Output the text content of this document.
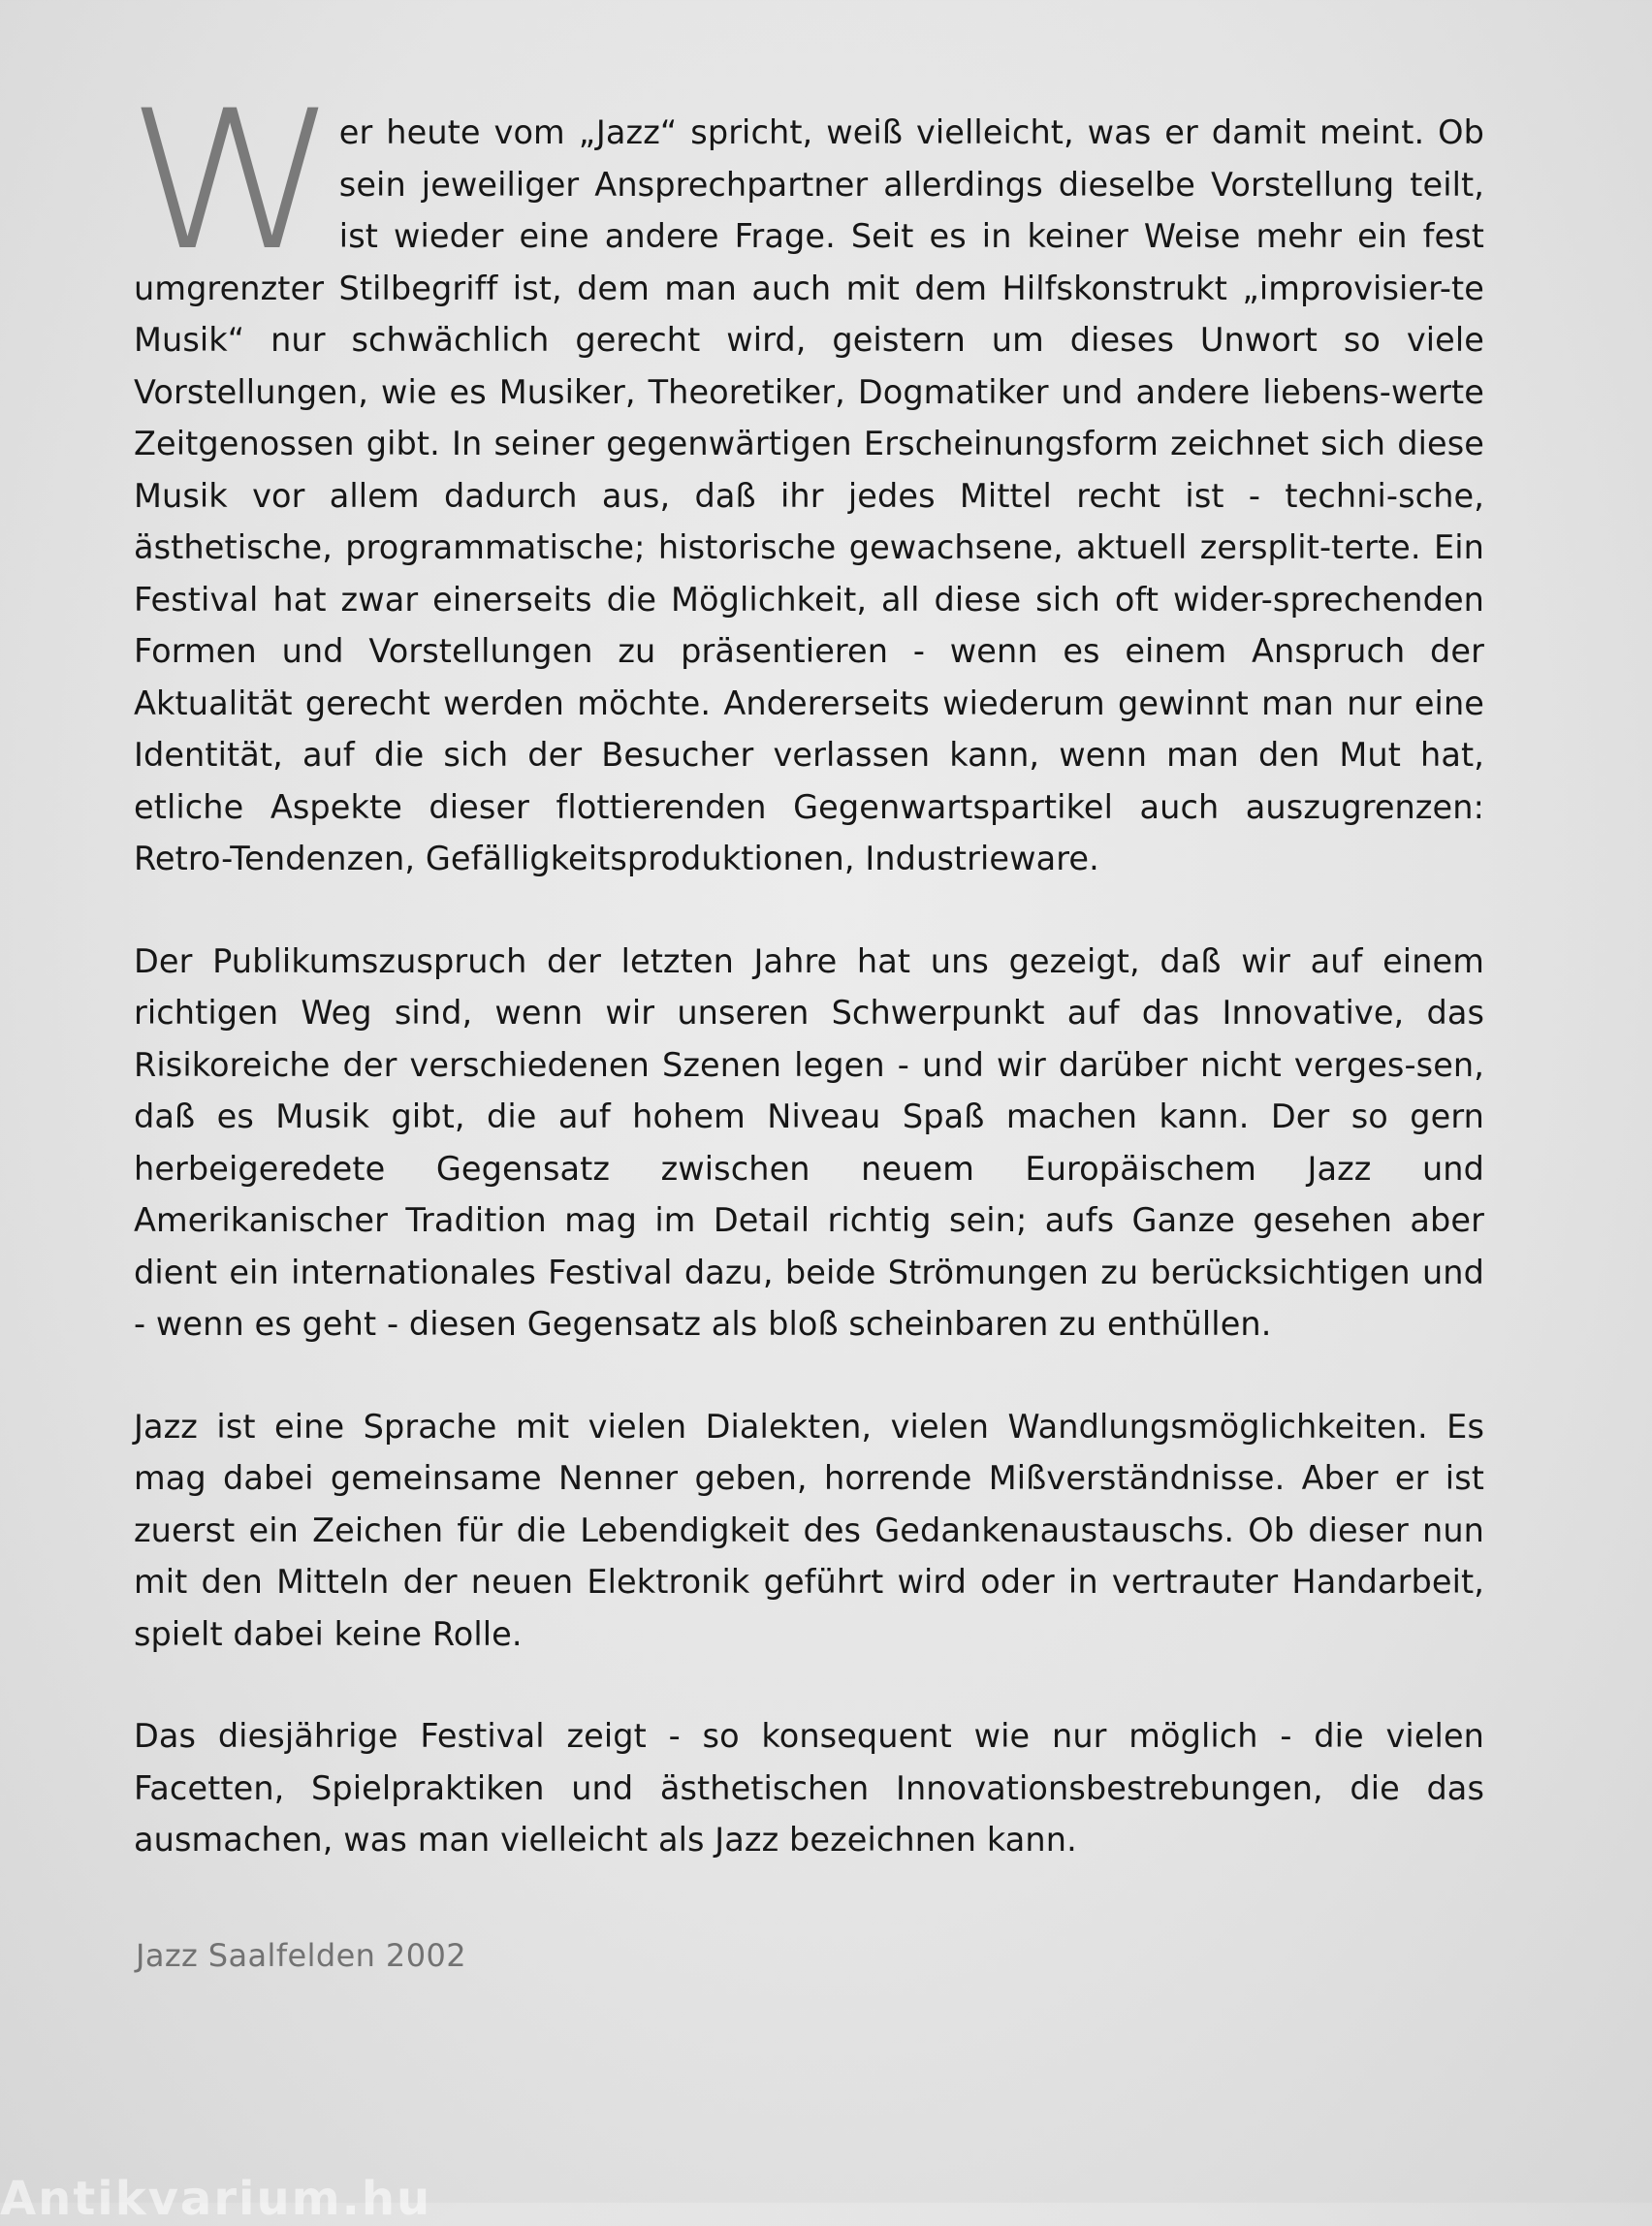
Wer heute vom „Jazz“ spricht, weiß vielleicht, was er damit meint. Ob sein jeweiliger Ansprechpartner allerdings dieselbe Vorstellung teilt, ist wieder eine andere Frage. Seit es in keiner Weise mehr ein fest umgrenzter Stilbegriff ist, dem man auch mit dem Hilfskonstrukt „improvisier-te Musik“ nur schwächlich gerecht wird, geistern um dieses Unwort so viele Vorstellungen, wie es Musiker, Theoretiker, Dogmatiker und andere liebens-werte Zeitgenossen gibt. In seiner gegenwärtigen Erscheinungsform zeichnet sich diese Musik vor allem dadurch aus, daß ihr jedes Mittel recht ist - techni-sche, ästhetische, programmatische; historische gewachsene, aktuell zersplit-terte. Ein Festival hat zwar einerseits die Möglichkeit, all diese sich oft wider-sprechenden Formen und Vorstellungen zu präsentieren - wenn es einem Anspruch der Aktualität gerecht werden möchte. Andererseits wiederum gewinnt man nur eine Identität, auf die sich der Besucher verlassen kann, wenn man den Mut hat, etliche Aspekte dieser flottierenden Gegenwartspartikel auch auszugrenzen: Retro-Tendenzen, Gefälligkeitsproduktionen, Industrieware.

Der Publikumszuspruch der letzten Jahre hat uns gezeigt, daß wir auf einem richtigen Weg sind, wenn wir unseren Schwerpunkt auf das Innovative, das Risikoreiche der verschiedenen Szenen legen - und wir darüber nicht verges-sen, daß es Musik gibt, die auf hohem Niveau Spaß machen kann. Der so gern herbeigeredete Gegensatz zwischen neuem Europäischem Jazz und Amerikanischer Tradition mag im Detail richtig sein; aufs Ganze gesehen aber dient ein internationales Festival dazu, beide Strömungen zu berücksichtigen und - wenn es geht - diesen Gegensatz als bloß scheinbaren zu enthüllen.

Jazz ist eine Sprache mit vielen Dialekten, vielen Wandlungsmöglichkeiten. Es mag dabei gemeinsame Nenner geben, horrende Mißverständnisse. Aber er ist zuerst ein Zeichen für die Lebendigkeit des Gedankenaustauschs. Ob dieser nun mit den Mitteln der neuen Elektronik geführt wird oder in vertrauter Handarbeit, spielt dabei keine Rolle.

Das diesjährige Festival zeigt - so konsequent wie nur möglich - die vielen Facetten, Spielpraktiken und ästhetischen Innovationsbestrebungen, die das ausmachen, was man vielleicht als Jazz bezeichnen kann.

Jazz Saalfelden 2002
Antikvarium.hu
